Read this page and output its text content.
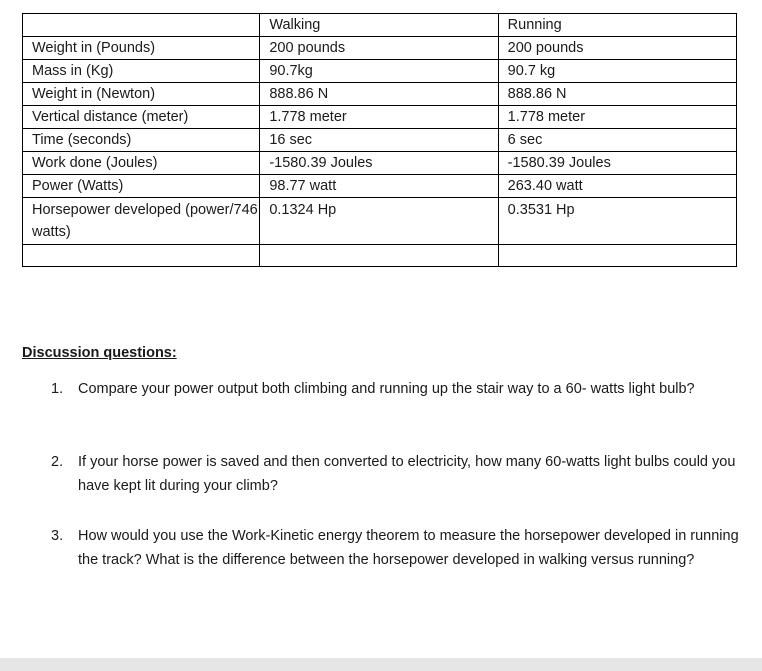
	Walking	Running
Weight in (Pounds)	200 pounds	200 pounds
Mass in (Kg)	90.7kg	90.7 kg
Weight in (Newton)	888.86 N	888.86 N
Vertical distance (meter)	1.778 meter	1.778 meter
Time (seconds)	16 sec	6 sec
Work done (Joules)	-1580.39 Joules	-1580.39 Joules
Power (Watts)	98.77 watt	263.40 watt
Horsepower developed (power/746 watts)	0.1324 Hp	0.3531 Hp

Discussion questions:
1. Compare your power output both climbing and running up the stair way to a 60- watts light bulb?
2. If your horse power is saved and then converted to electricity, how many 60-watts light bulbs could you have kept lit during your climb?
3. How would you use the Work-Kinetic energy theorem to measure the horsepower developed in running the track? What is the difference between the horsepower developed in walking versus running?
